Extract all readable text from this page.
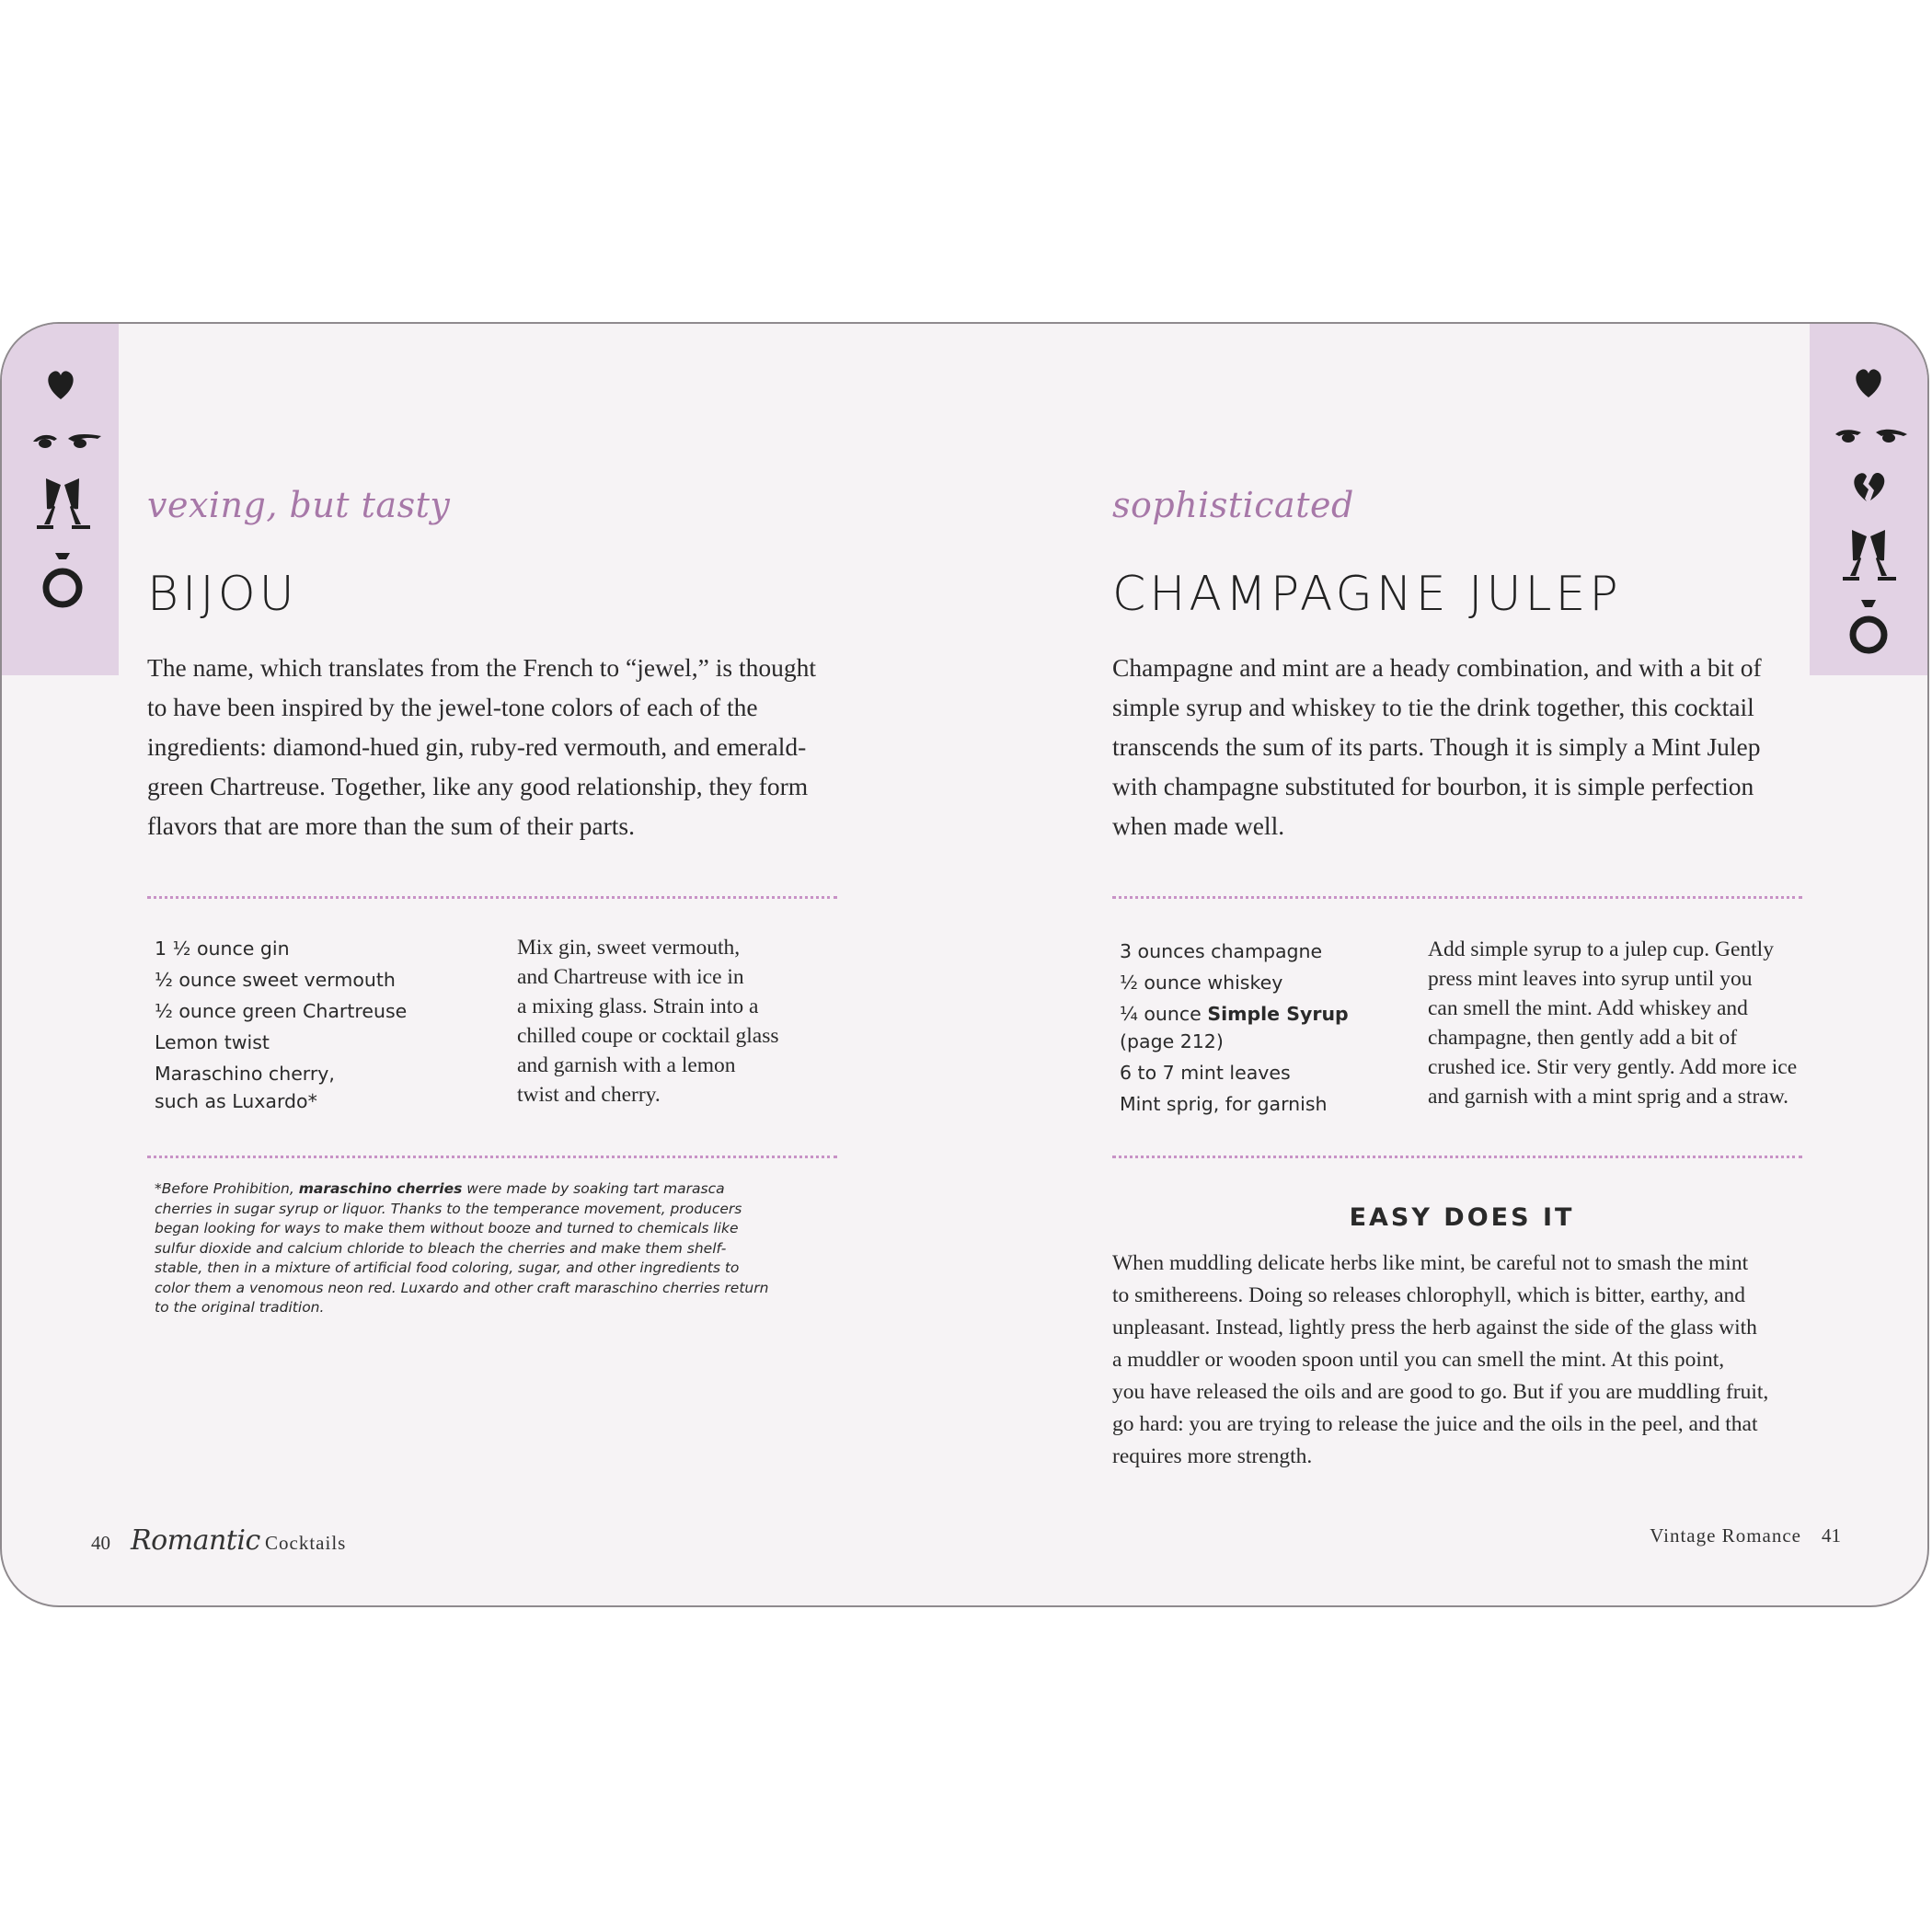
vexing, but tasty
BIJOU

The name, which translates from the French to “jewel,” is thought
to have been inspired by the jewel-tone colors of each of the
ingredients: diamond-hued gin, ruby-red vermouth, and emerald-
green Chartreuse. Together, like any good relationship, they form
flavors that are more than the sum of their parts.

1 ½ ounce gin
½ ounce sweet vermouth
½ ounce green Chartreuse
Lemon twist
Maraschino cherry,
such as Luxardo*

Mix gin, sweet vermouth,
and Chartreuse with ice in
a mixing glass. Strain into a
chilled coupe or cocktail glass
and garnish with a lemon
twist and cherry.

*Before Prohibition, maraschino cherries were made by soaking tart marasca
cherries in sugar syrup or liquor. Thanks to the temperance movement, producers
began looking for ways to make them without booze and turned to chemicals like
sulfur dioxide and calcium chloride to bleach the cherries and make them shelf-
stable, then in a mixture of artificial food coloring, sugar, and other ingredients to
color them a venomous neon red. Luxardo and other craft maraschino cherries return
to the original tradition.

sophisticated
CHAMPAGNE JULEP

Champagne and mint are a heady combination, and with a bit of
simple syrup and whiskey to tie the drink together, this cocktail
transcends the sum of its parts. Though it is simply a Mint Julep
with champagne substituted for bourbon, it is simple perfection
when made well.

3 ounces champagne
½ ounce whiskey
¼ ounce Simple Syrup
(page 212)
6 to 7 mint leaves
Mint sprig, for garnish

Add simple syrup to a julep cup. Gently
press mint leaves into syrup until you
can smell the mint. Add whiskey and
champagne, then gently add a bit of
crushed ice. Stir very gently. Add more ice
and garnish with a mint sprig and a straw.

EASY DOES IT

When muddling delicate herbs like mint, be careful not to smash the mint
to smithereens. Doing so releases chlorophyll, which is bitter, earthy, and
unpleasant. Instead, lightly press the herb against the side of the glass with
a muddler or wooden spoon until you can smell the mint. At this point,
you have released the oils and are good to go. But if you are muddling fruit,
go hard: you are trying to release the juice and the oils in the peel, and that
requires more strength.

40 Romantic Cocktails	Vintage Romance 41
